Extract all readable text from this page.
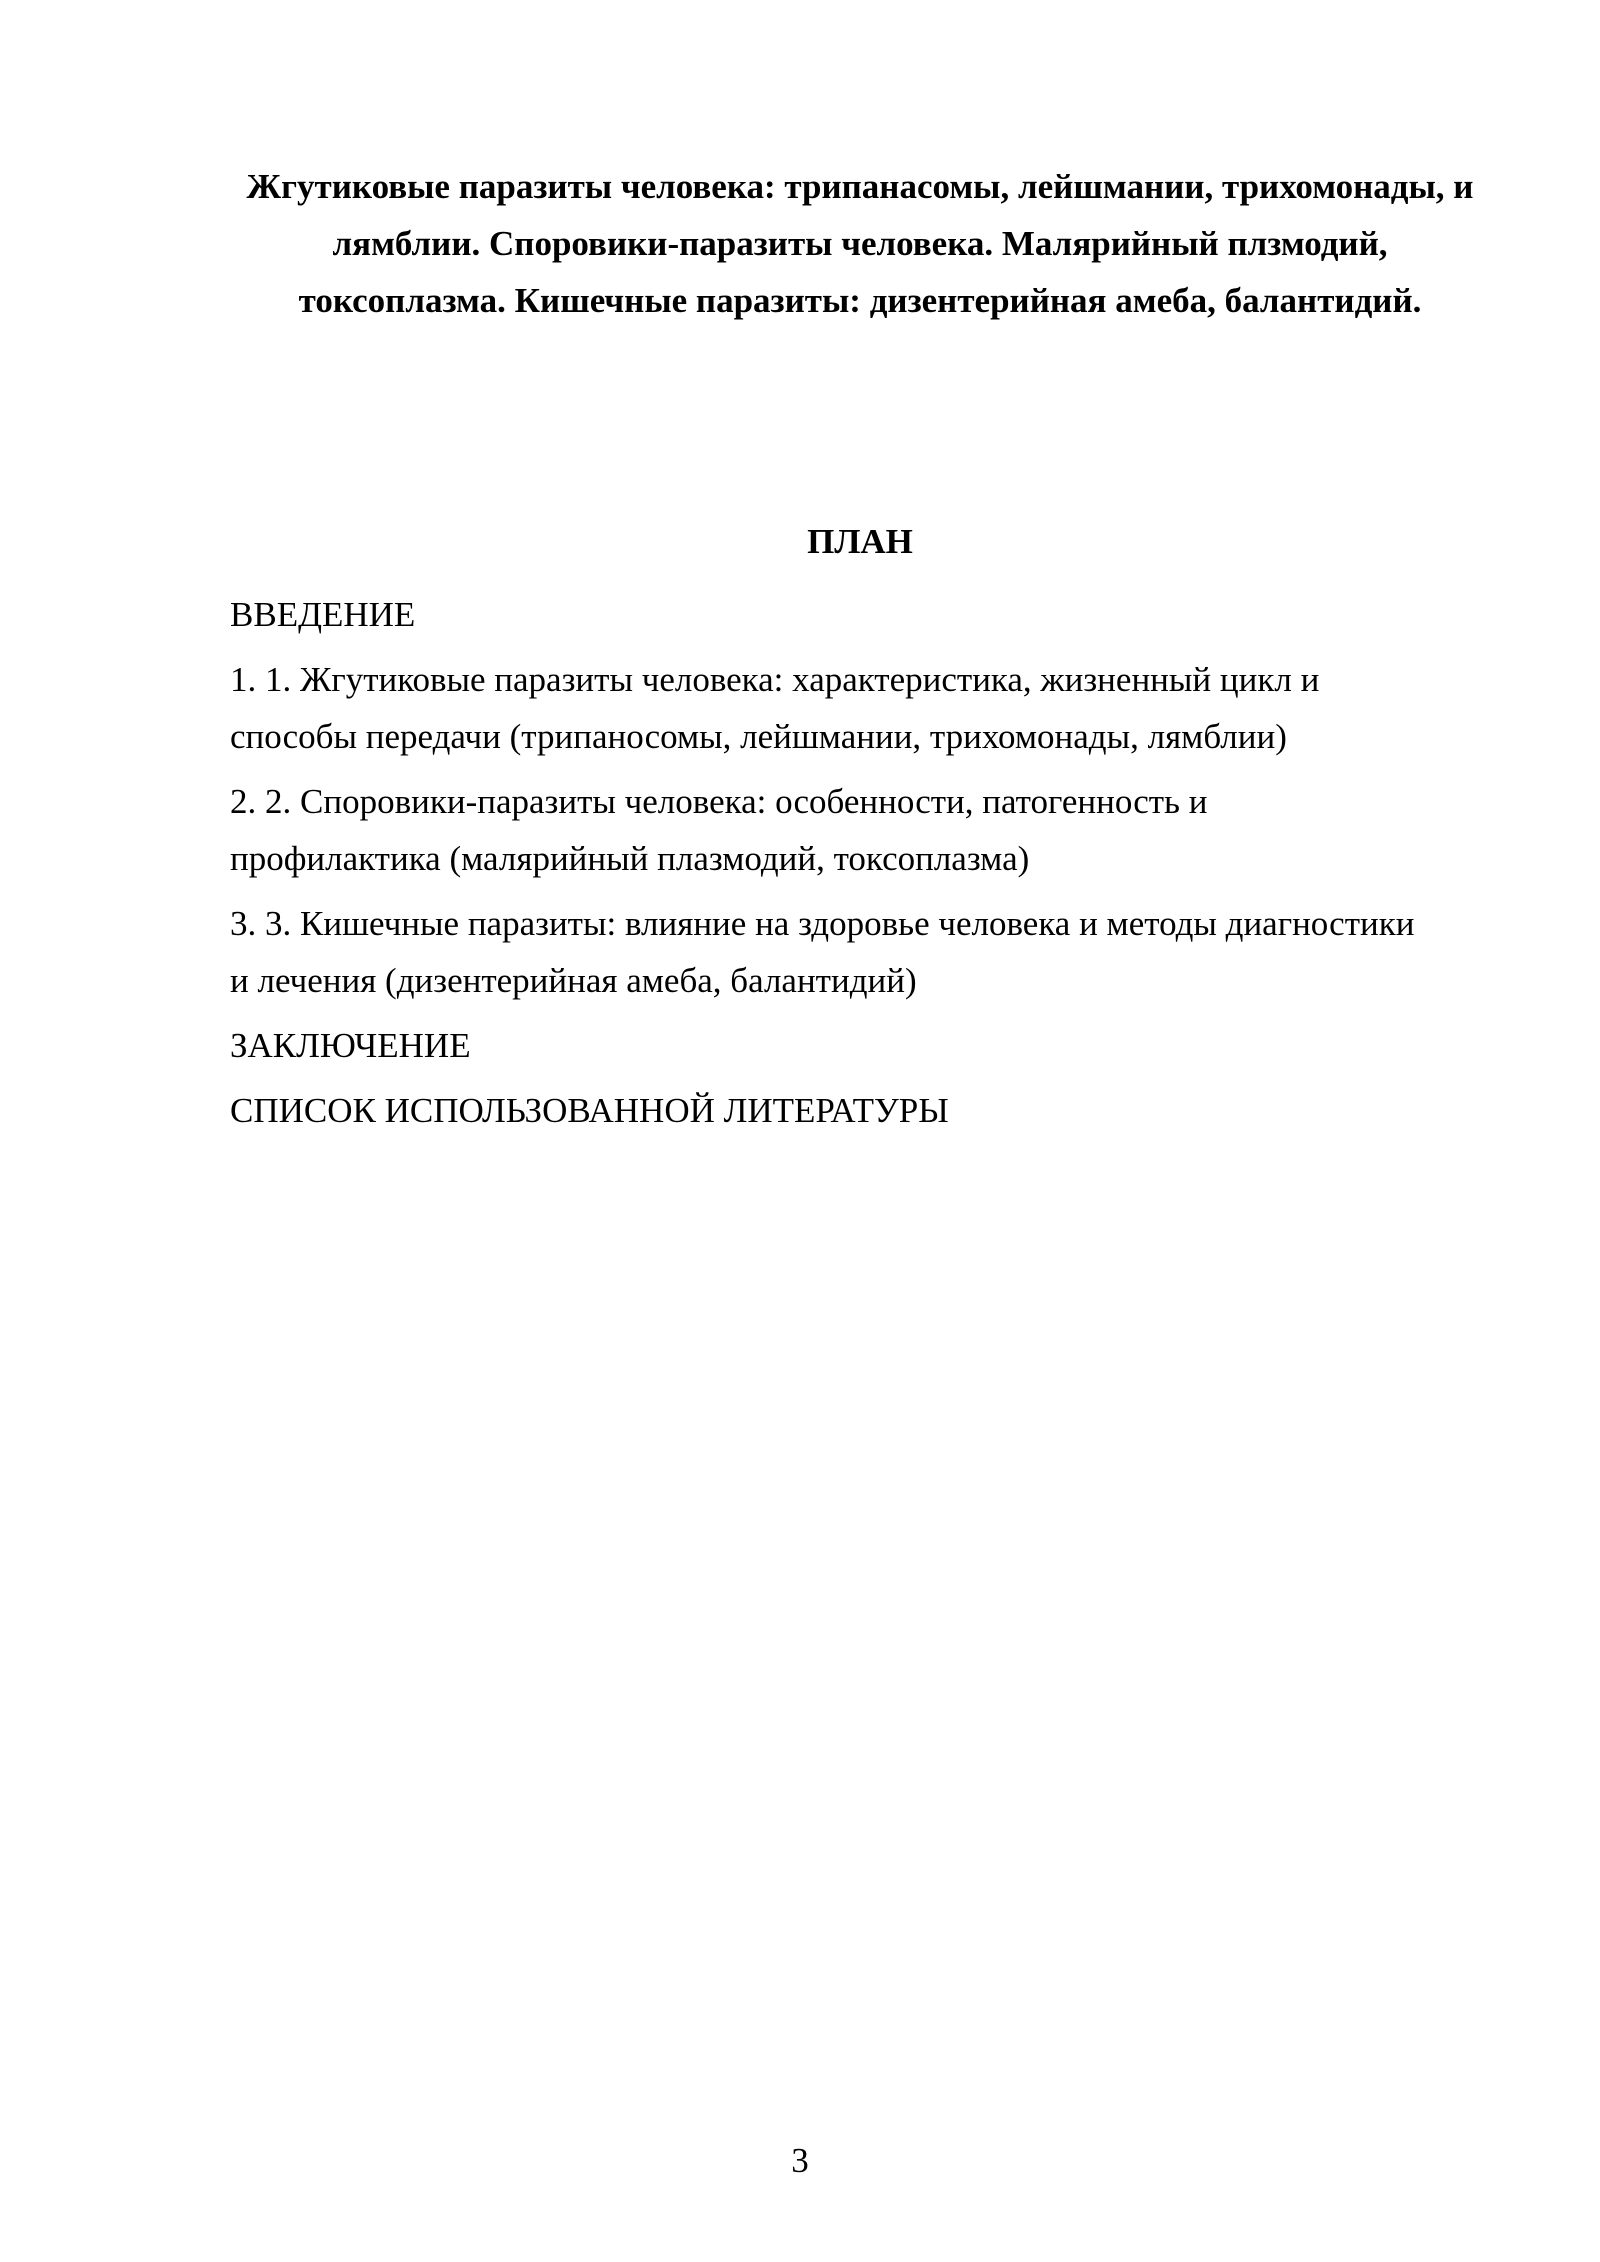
Жгутиковые паразиты человека: трипанасомы, лейшмании, трихомонады, и лямблии. Споровики-паразиты человека. Малярийный плзмодий, токсоплазма. Кишечные паразиты: дизентерийная амеба, балантидий.
ПЛАН
ВВЕДЕНИЕ
1. 1. Жгутиковые паразиты человека: характеристика, жизненный цикл и способы передачи (трипаносомы, лейшмании, трихомонады, лямблии)
2. 2. Споровики-паразиты человека: особенности, патогенность и профилактика (малярийный плазмодий, токсоплазма)
3. 3. Кишечные паразиты: влияние на здоровье человека и методы диагностики и лечения (дизентерийная амеба, балантидий)
ЗАКЛЮЧЕНИЕ
СПИСОК ИСПОЛЬЗОВАННОЙ ЛИТЕРАТУРЫ
3
